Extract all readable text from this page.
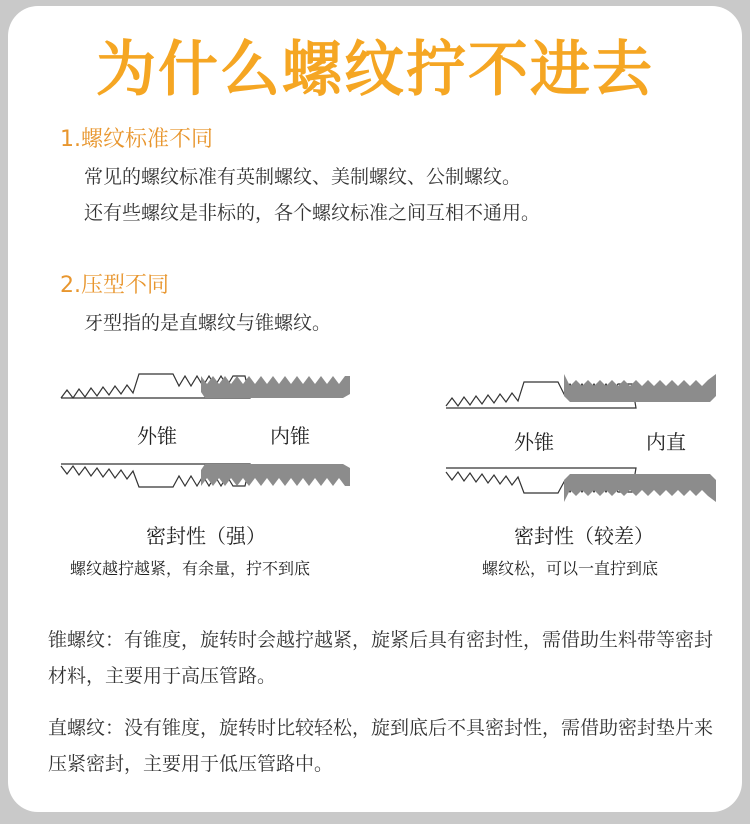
为什么螺纹拧不进去
1.螺纹标准不同
常见的螺纹标准有英制螺纹、美制螺纹、公制螺纹。
还有些螺纹是非标的，各个螺纹标准之间互相不通用。
2.压型不同
牙型指的是直螺纹与锥螺纹。
外锥	内锥
密封性（强）
螺纹越拧越紧，有余量，拧不到底
外锥	内直
密封性（较差）
螺纹松，可以一直拧到底
锥螺纹：有锥度，旋转时会越拧越紧，旋紧后具有密封性，需借助生料带等密封材料，主要用于高压管路。
直螺纹：没有锥度，旋转时比较轻松，旋到底后不具密封性，需借助密封垫片来压紧密封，主要用于低压管路中。
